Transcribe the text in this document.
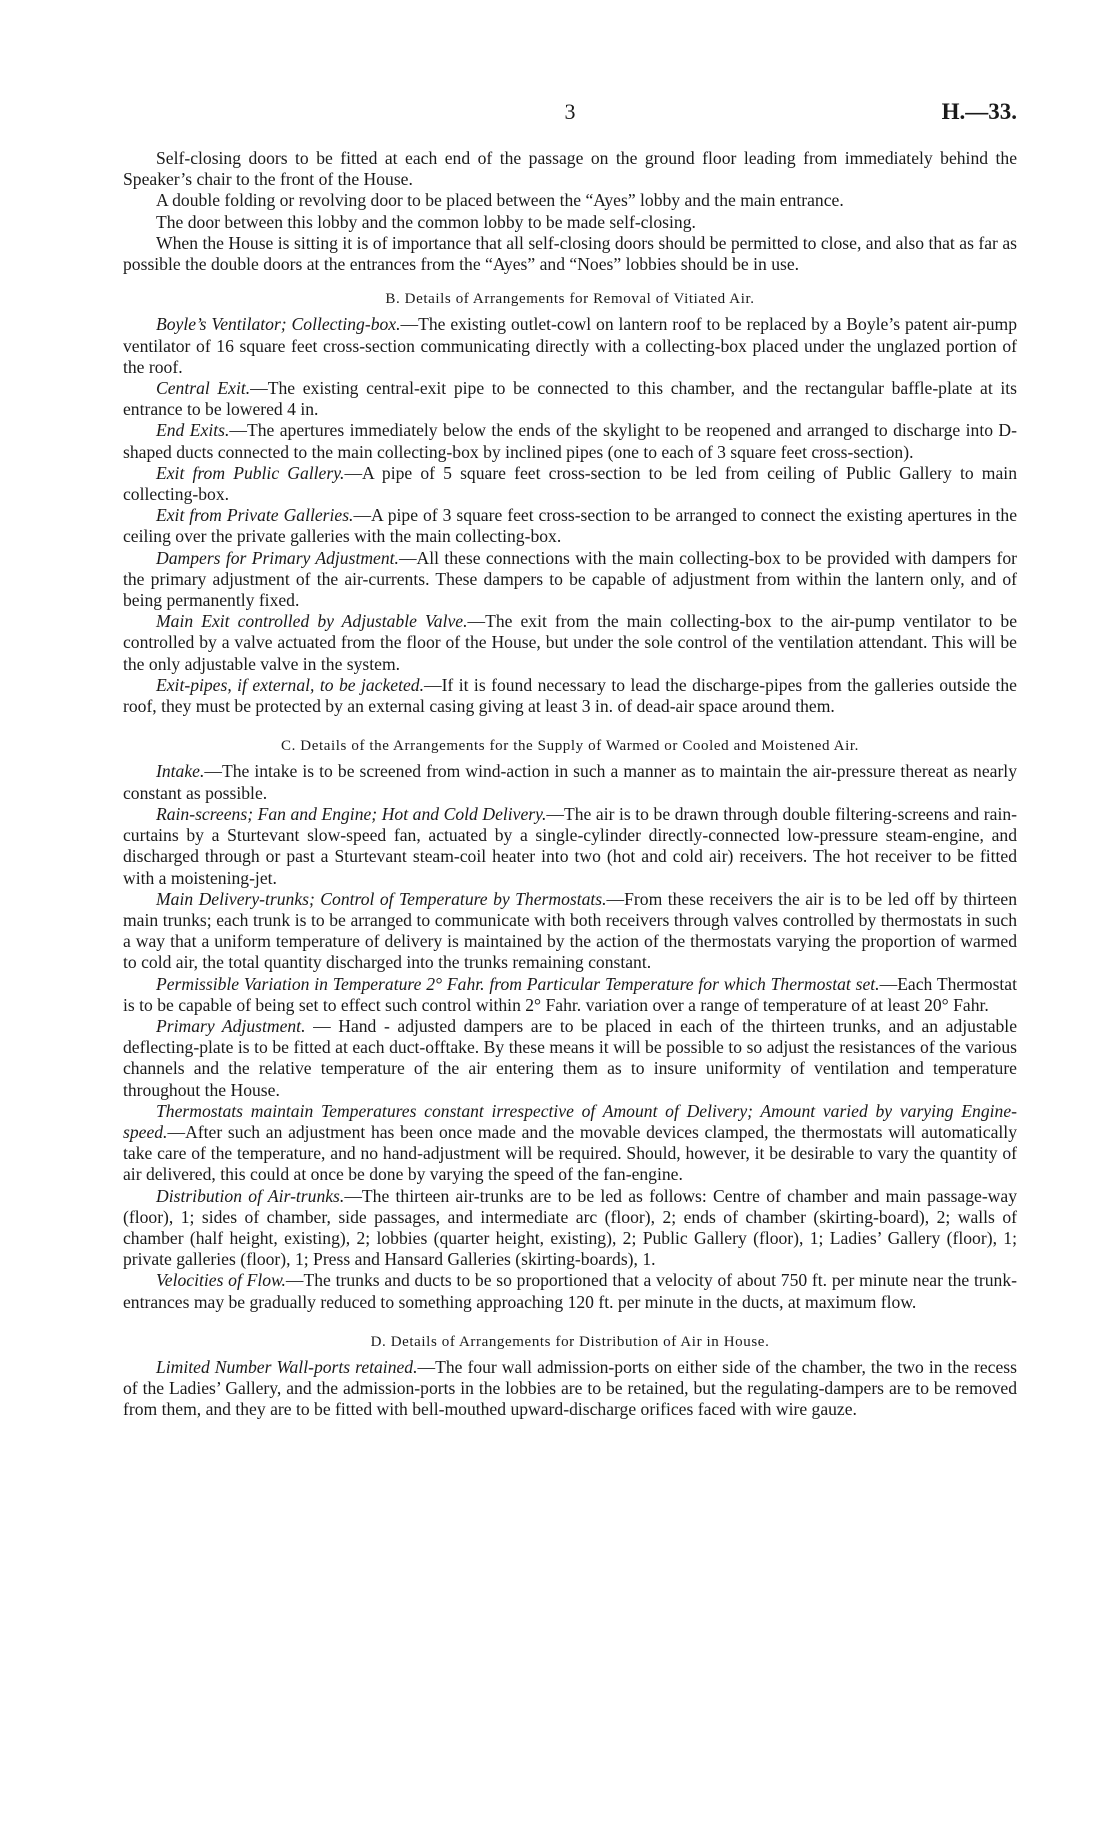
3	H.—33.

Self-closing doors to be fitted at each end of the passage on the ground floor leading from immediately behind the Speaker’s chair to the front of the House.

A double folding or revolving door to be placed between the “Ayes” lobby and the main entrance.

The door between this lobby and the common lobby to be made self-closing.

When the House is sitting it is of importance that all self-closing doors should be permitted to close, and also that as far as possible the double doors at the entrances from the “Ayes” and “Noes” lobbies should be in use.

B. Details of Arrangements for Removal of Vitiated Air.

Boyle’s Ventilator; Collecting-box.—The existing outlet-cowl on lantern roof to be replaced by a Boyle’s patent air-pump ventilator of 16 square feet cross-section communicating directly with a collecting-box placed under the unglazed portion of the roof.

Central Exit.—The existing central-exit pipe to be connected to this chamber, and the rectangular baffle-plate at its entrance to be lowered 4 in.

End Exits.—The apertures immediately below the ends of the skylight to be reopened and arranged to discharge into D-shaped ducts connected to the main collecting-box by inclined pipes (one to each of 3 square feet cross-section).

Exit from Public Gallery.—A pipe of 5 square feet cross-section to be led from ceiling of Public Gallery to main collecting-box.

Exit from Private Galleries.—A pipe of 3 square feet cross-section to be arranged to connect the existing apertures in the ceiling over the private galleries with the main collecting-box.

Dampers for Primary Adjustment.—All these connections with the main collecting-box to be provided with dampers for the primary adjustment of the air-currents. These dampers to be capable of adjustment from within the lantern only, and of being permanently fixed.

Main Exit controlled by Adjustable Valve.—The exit from the main collecting-box to the air-pump ventilator to be controlled by a valve actuated from the floor of the House, but under the sole control of the ventilation attendant. This will be the only adjustable valve in the system.

Exit-pipes, if external, to be jacketed.—If it is found necessary to lead the discharge-pipes from the galleries outside the roof, they must be protected by an external casing giving at least 3 in. of dead-air space around them.

C. Details of the Arrangements for the Supply of Warmed or Cooled and Moistened Air.

Intake.—The intake is to be screened from wind-action in such a manner as to maintain the air-pressure thereat as nearly constant as possible.

Rain-screens; Fan and Engine; Hot and Cold Delivery.—The air is to be drawn through double filtering-screens and rain-curtains by a Sturtevant slow-speed fan, actuated by a single-cylinder directly-connected low-pressure steam-engine, and discharged through or past a Sturtevant steam-coil heater into two (hot and cold air) receivers. The hot receiver to be fitted with a moistening-jet.

Main Delivery-trunks; Control of Temperature by Thermostats.—From these receivers the air is to be led off by thirteen main trunks; each trunk is to be arranged to communicate with both receivers through valves controlled by thermostats in such a way that a uniform temperature of delivery is maintained by the action of the thermostats varying the proportion of warmed to cold air, the total quantity discharged into the trunks remaining constant.

Permissible Variation in Temperature 2° Fahr. from Particular Temperature for which Thermostat set.—Each Thermostat is to be capable of being set to effect such control within 2° Fahr. variation over a range of temperature of at least 20° Fahr.

Primary Adjustment. — Hand - adjusted dampers are to be placed in each of the thirteen trunks, and an adjustable deflecting-plate is to be fitted at each duct-offtake. By these means it will be possible to so adjust the resistances of the various channels and the relative temperature of the air entering them as to insure uniformity of ventilation and temperature throughout the House.

Thermostats maintain Temperatures constant irrespective of Amount of Delivery; Amount varied by varying Engine-speed.—After such an adjustment has been once made and the movable devices clamped, the thermostats will automatically take care of the temperature, and no hand-adjustment will be required. Should, however, it be desirable to vary the quantity of air delivered, this could at once be done by varying the speed of the fan-engine.

Distribution of Air-trunks.—The thirteen air-trunks are to be led as follows: Centre of chamber and main passage-way (floor), 1; sides of chamber, side passages, and intermediate arc (floor), 2; ends of chamber (skirting-board), 2; walls of chamber (half height, existing), 2; lobbies (quarter height, existing), 2; Public Gallery (floor), 1; Ladies’ Gallery (floor), 1; private galleries (floor), 1; Press and Hansard Galleries (skirting-boards), 1.

Velocities of Flow.—The trunks and ducts to be so proportioned that a velocity of about 750 ft. per minute near the trunk-entrances may be gradually reduced to something approaching 120 ft. per minute in the ducts, at maximum flow.

D. Details of Arrangements for Distribution of Air in House.

Limited Number Wall-ports retained.—The four wall admission-ports on either side of the chamber, the two in the recess of the Ladies’ Gallery, and the admission-ports in the lobbies are to be retained, but the regulating-dampers are to be removed from them, and they are to be fitted with bell-mouthed upward-discharge orifices faced with wire gauze.
